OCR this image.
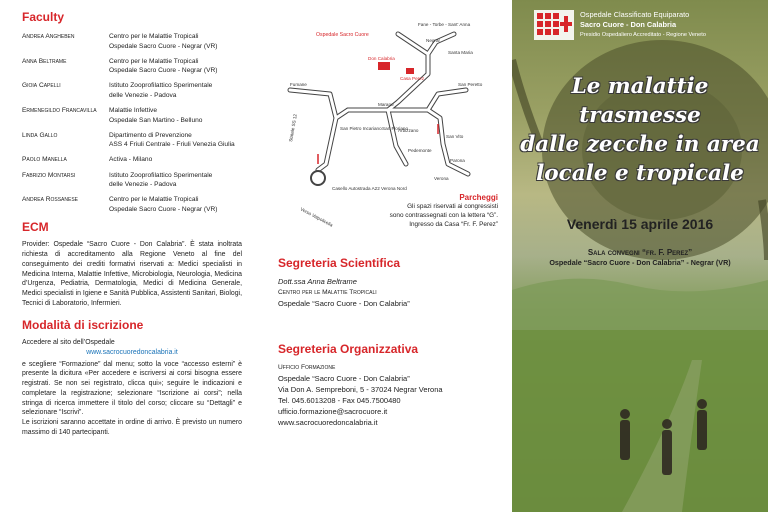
Faculty
Andrea Angheben	Centro per le Malattie Tropicali
Ospedale Sacro Cuore - Negrar (VR)
Anna Beltrame	Centro per le Malattie Tropicali
Ospedale Sacro Cuore - Negrar (VR)
Gioia Capelli	Istituto Zooprofilattico Sperimentale
delle Venezie - Padova
Ermenegildo Francavilla	Malattie Infettive
Ospedale San Martino - Belluno
Linda Gallo	Dipartimento di Prevenzione
ASS 4 Friuli Centrale - Friuli Venezia Giulia
Paolo Manella	Activa - Milano
Fabrizio Montarsi	Istituto Zooprofilattico Sperimentale
delle Venezie - Padova
Andrea Rossanese	Centro per le Malattie Tropicali
Ospedale Sacro Cuore - Negrar (VR)
ECM

Provider: Ospedale “Sacro Cuore - Don Calabria”. È stata inoltrata richiesta di accreditamento alla Regione Veneto al fine del conseguimento dei crediti formativi riservati a: Medici specialisti in Medicina Interna, Malattie Infettive, Microbiologia, Neurologia, Medicina d’Urgenza, Pediatria, Dermatologia, Medici di Medicina Generale, Medici specialisti in Igiene e Sanità Pubblica, Assistenti Sanitari, Biologi, Tecnici di Laboratorio, Infermieri.

Modalità di iscrizione

Accedere al sito dell’Ospedale

www.sacrocuoredoncalabria.it

e scegliere “Formazione” dal menu; sotto la voce “accesso esterni” è presente la dicitura «Per accedere e iscriversi ai corsi bisogna essere registrati. Se non sei registrato, clicca qui»; seguire le indicazioni e completare la registrazione; selezionare “Iscrizione ai corsi”; nella stringa di ricerca immettere il titolo del corso; cliccare su “Dettagli” e selezionare “Iscrivi”.

Le iscrizioni saranno accettate in ordine di arrivo. È previsto un numero massimo di 140 partecipanti.

Ospedale Sacro Cuore
Don Calabria
Casa Perez
Negrar
Fane - Torbe - Sant' Anna
Santa Maria
Arbizzano
San Pietro Incariano San Floriano
Pedemonte
Fumane
Marano
San Peretto
San Vito
Parona
Verona
Statale SS 12
Casello Autostrada A22 Verona Nord
Verso Valpolicella
Parcheggi
Gli spazi riservati ai congressisti
sono contrassegnati con la lettera “G”.
Ingresso da Casa “Fr. F. Perez”
Segreteria Scientifica

Dott.ssa Anna Beltrame

Centro per le Malattie Tropicali

Ospedale “Sacro Cuore - Don Calabria”

Segreteria Organizzativa

Ufficio Formazione

Ospedale “Sacro Cuore - Don Calabria”

Via Don A. Sempreboni, 5 - 37024 Negrar Verona

Tel. 045.6013208 - Fax 045.7500480

ufficio.formazione@sacrocuore.it

www.sacrocuoredoncalabria.it

Ospedale Classificato Equiparato
Sacro Cuore - Don Calabria
Presidio Ospedaliero Accreditato - Regione Veneto
Le malattie
trasmesse
dalle zecche in area
locale e tropicale
Venerdì 15 aprile 2016
Sala convegni “fr. F. Perez”
Ospedale “Sacro Cuore - Don Calabria” - Negrar (VR)
